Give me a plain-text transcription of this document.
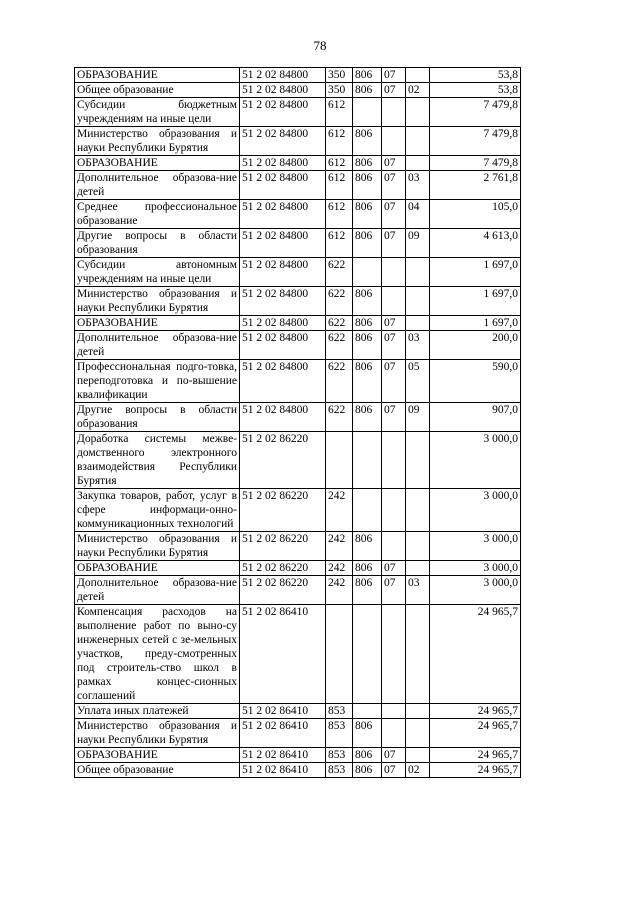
78
ОБРАЗОВАНИЕ	51 2 02 84800	350	806	07		53,8
Общее образование	51 2 02 84800	350	806	07	02	53,8
Субсидии бюджетным учреждениям на иные цели	51 2 02 84800	612				7 479,8
Министерство образования и науки Республики Бурятия	51 2 02 84800	612	806			7 479,8
ОБРАЗОВАНИЕ	51 2 02 84800	612	806	07		7 479,8
Дополнительное образова-ние детей	51 2 02 84800	612	806	07	03	2 761,8
Среднее профессиональное образование	51 2 02 84800	612	806	07	04	105,0
Другие вопросы в области образования	51 2 02 84800	612	806	07	09	4 613,0
Субсидии автономным учреждениям на иные цели	51 2 02 84800	622				1 697,0
Министерство образования и науки Республики Бурятия	51 2 02 84800	622	806			1 697,0
ОБРАЗОВАНИЕ	51 2 02 84800	622	806	07		1 697,0
Дополнительное образова-ние детей	51 2 02 84800	622	806	07	03	200,0
Профессиональная подго-товка, переподготовка и по-вышение квалификации	51 2 02 84800	622	806	07	05	590,0
Другие вопросы в области образования	51 2 02 84800	622	806	07	09	907,0
Доработка системы межве-домственного электронного взаимодействия Республики Бурятия	51 2 02 86220					3 000,0
Закупка товаров, работ, услуг в сфере информаци-онно-коммуникационных технологий	51 2 02 86220	242				3 000,0
Министерство образования и науки Республики Бурятия	51 2 02 86220	242	806			3 000,0
ОБРАЗОВАНИЕ	51 2 02 86220	242	806	07		3 000,0
Дополнительное образова-ние детей	51 2 02 86220	242	806	07	03	3 000,0
Компенсация расходов на выполнение работ по выно-су инженерных сетей с зе-мельных участков, преду-смотренных под строитель-ство школ в рамках концес-сионных соглашений	51 2 02 86410					24 965,7
Уплата иных платежей	51 2 02 86410	853				24 965,7
Министерство образования и науки Республики Бурятия	51 2 02 86410	853	806			24 965,7
ОБРАЗОВАНИЕ	51 2 02 86410	853	806	07		24 965,7
Общее образование	51 2 02 86410	853	806	07	02	24 965,7
